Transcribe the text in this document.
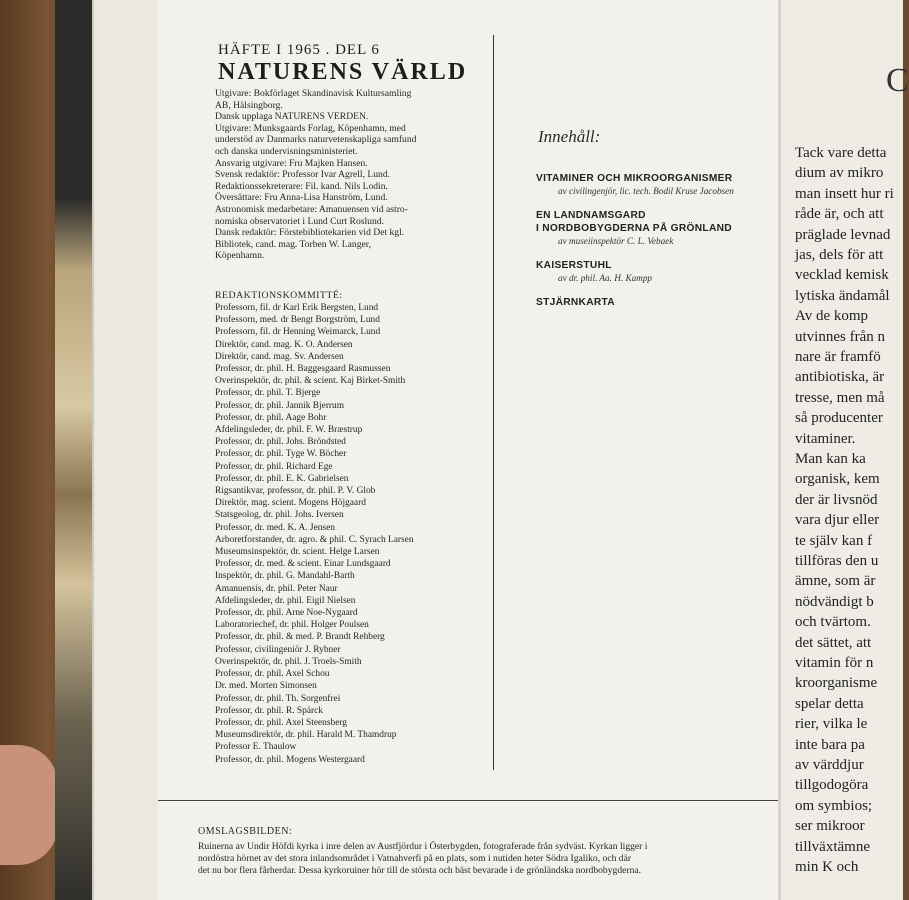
HÄFTE I 1965 . DEL 6

NATURENS VÄRLD

Utgivare: Bokförlaget Skandinavisk Kultursamling

AB, Hälsingborg.

Dansk upplaga NATURENS VERDEN.

Utgivare: Munksgaards Forlag, Köpenhamn, med

understöd av Danmarks naturvetenskapliga samfund

och danska undervisningsministeriet.

Ansvarig utgivare: Fru Majken Hansen.

Svensk redaktör: Professor Ivar Agrell, Lund.

Redaktionssekreterare: Fil. kand. Nils Lodin.

Översättare: Fru Anna-Lisa Hanström, Lund.

Astronomisk medarbetare: Amanuensen vid astro-

nomiska observatoriet i Lund Curt Roslund.

Dansk redaktör: Förstebibliotekarien vid Det kgl.

Bibliotek, cand. mag. Torben W. Langer,

Köpenhamn.

REDAKTIONSKOMMITTÉ:
Professorn, fil. dr Karl Erik Bergsten, Lund
Professorn, med. dr Bengt Borgström, Lund
Professorn, fil. dr Henning Weimarck, Lund
Direktör, cand. mag. K. O. Andersen
Direktör, cand. mag. Sv. Andersen
Professor, dr. phil. H. Baggesgaard Rasmussen
Overinspektör, dr. phil. & scient. Kaj Birket-Smith
Professor, dr. phil. T. Bjerge
Professor, dr. phil. Jannik Bjerrum
Professor, dr. phil. Aage Bohr
Afdelingsleder, dr. phil. F. W. Bræstrup
Professor, dr. phil. Johs. Bröndsted
Professor, dr. phil. Tyge W. Böcher
Professor, dr. phil. Richard Ege
Professor, dr. phil. E. K. Gabrielsen
Rigsantikvar, professor, dr. phil. P. V. Glob
Direktör, mag. scient. Mogens Höjgaard
Statsgeolog, dr. phil. Johs. Iversen
Professor, dr. med. K. A. Jensen
Arboretforstander, dr. agro. & phil. C. Syrach Larsen
Museumsinspektör, dr. scient. Helge Larsen
Professor, dr. med. & scient. Einar Lundsgaard
Inspektör, dr. phil. G. Mandahl-Barth
Amanuensis, dr. phil. Peter Naur
Afdelingsleder, dr. phil. Eigil Nielsen
Professor, dr. phil. Arne Noe-Nygaard
Laboratoriechef, dr. phil. Holger Poulsen
Professor, dr. phil. & med. P. Brandt Rehberg
Professor, civilingeniör J. Rybner
Overinspektör, dr. phil. J. Troels-Smith
Professor, dr. phil. Axel Schou
Dr. med. Morten Simonsen
Professor, dr. phil. Th. Sorgenfrei
Professor, dr. phil. R. Spärck
Professor, dr. phil. Axel Steensberg
Museumsdirektör, dr. phil. Harald M. Thamdrup
Professor E. Thaulow
Professor, dr. phil. Mogens Westergaard
Innehåll:
VITAMINER OCH MIKROORGANISMER
av civilingenjör, lic. tech. Bodil Kruse Jacobsen
EN LANDNAMSGARD
I NORDBOBYGDERNA PÅ GRÖNLAND
av museiinspektör C. L. Vebaek
KAISERSTUHL
av dr. phil. Aa. H. Kampp
STJÄRNKARTA

OMSLAGSBILDEN:

Ruinerna av Undir Höfdi kyrka i inre delen av Austfjördur i Österbygden, fotograferade från sydväst. Kyrkan ligger i

nordöstra hörnet av det stora inlandsområdet i Vatnahverfi på en plats, som i nutiden heter Södra Igaliko, och där

det nu bor flera fårherdar. Dessa kyrkoruiner hör till de största och bäst bevarade i de grönländska nordbobygderna.

C
Tack vare detta
dium av mikro
man insett hur ri
råde är, och att
präglade levnad
jas, dels för att
vecklad kemisk
lytiska ändamål
Av de komp
utvinnes från n
nare är framfö
antibiotiska, är
tresse, men må
så producenter
vitaminer.
Man kan ka
organisk, kem
der är livsnöd
vara djur eller
te själv kan f
tillföras den u
ämne, som är
nödvändigt b
och tvärtom.
det sättet, att
vitamin för n
kroorganisme
spelar detta
rier, vilka le
inte bara pa
av värddjur
tillgodogöra
om symbios;
ser mikroor
tillväxtämne
min K och
